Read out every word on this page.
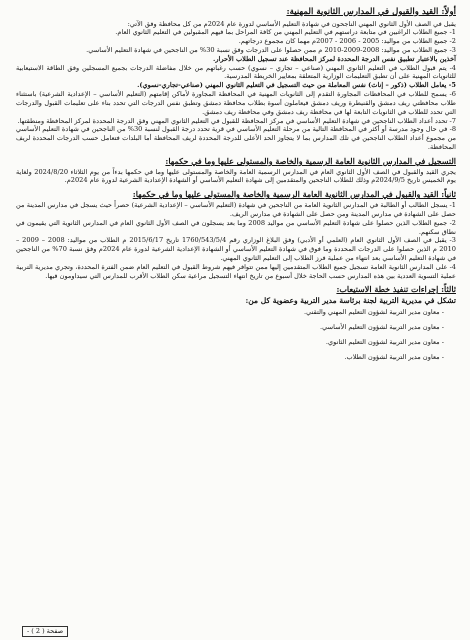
أولاً: القيد والقبول في المدارس الثانوية المهنية:

يقبل في الصف الأول الثانوي المهني الناجحون في شهادة التعليم الأساسي لدورة عام 2024م من كل محافظة وفق الآتي:

1- جميع الطلاب الراغبين في متابعة دراستهم في التعليم المهني من كافة المراحل بما فيهم المقبولين في التعليم الثانوي العام.

2- جميع الطلاب من مواليد: 2005 - 2006 - 2007م مهما كان مجموع درجاتهم.

3- جميع الطلاب من مواليد: 2008-2009-2010 م ممن حصلوا على الدرجات وفق نسبة 30% من الناجحين في شهادة التعليم الأساسي.

آخذين بالاعتبار تطبيق نفس الدرجة المحددة لمركز المحافظة عند تسجيل الطلاب الأحرار.

4- يتم قبول الطلاب في التعليم الثانوي المهني (صناعي – تجاري – نسوي) حسب رغباتهم من خلال مفاضلة الدرجات بجميع المسجلين وفق الطاقة الاستيعابية للثانويات المهنية على أن تطبق التعليمات الوزارية المتعلقة بمعايير الخريطة المدرسية.

5- يعامل الطلاب (ذكور – إناث) نفس المعاملة من حيث التسجيل في التعليم الثانوي المهني (صناعي-تجاري-نسوي).

6- يسمح للطلاب في المحافظات المجاورة التقدم إلى الثانويات المهنية في المحافظة المجاورة لأماكن إقامتهم (التعليم الأساسي – الإعدادية الشرعية) باستثناء طلاب محافظتي ريف دمشق والقنيطرة وريف دمشق فيعاملون أسوة بطلاب محافظة دمشق وتطبق نفس الدرجات التي تحدد بناء على تعليمات القبول والدرجات التي تحدد للطلاب في الثانويات التابعة لها في محافظة ريف دمشق وفي محافظة ريف دمشق.

7- تحدد أعداد الطلاب الناجحين في شهادة التعليم الأساسي في مركز المحافظة للقبول في التعليم الثانوي المهني وفق الدرجة المحددة لمركز المحافظة ومنطقتها.

8- في حال وجود مدرسة أو أكثر في المحافظة التالية من مرحلة التعليم الأساسي في قرية تحدد درجة القبول لنسبة 30% من الناجحين في شهادة التعليم الأساسي من مجموع أعداد الطلاب الناجحين في تلك المدارس بما لا يتجاوز الحد الأعلى للدرجة المحددة لريف المحافظة أما البلدات فتعامل حسب الدرجات المحددة لريف المحافظة.

التسجيل في المدارس الثانوية العامة الرسمية والخاصة والمستولى عليها وما في حكمها:

يجري القيد والقبول في الصف الأول الثانوي العام في المدارس الرسمية العامة والخاصة والمستولى عليها وما في حكمها بدءاً من يوم الثلاثاء 2024/8/20 ولغاية يوم الخميس تاريخ 2024/9/5م وذلك للطلاب الناجحين والمتقدمين إلى شهادة التعليم الأساسي أو الشهادة الإعدادية الشرعية لدورة عام 2024م.

ثانياً: القيد والقبول في المدارس الثانوية العامة الرسمية والخاصة والمستولى عليها وما في حكمها:

1- يسجل الطالب أو الطالبة في المدارس الثانوية العامة من الناجحين في شهادة (التعليم الأساسي – الإعدادية الشرعية) حصراً حيث يسجل في مدارس المدينة من حصل على الشهادة في مدارس المدينة ومن حصل على الشهادة في مدارس الريف.

2- جميع الطلاب الذين حصلوا على شهادة التعليم الأساسي من مواليد 2008 وما بعد يسجلون في الصف الأول الثانوي العام في المدارس الثانوية التي يقيمون في نطاق سكنهم.

3- يقبل في الصف الأول الثانوي العام (العلمي أو الأدبي) وفق البلاغ الوزاري رقم 1760/543/5/4 تاريخ 2015/6/17 م الطلاب من مواليد: 2008 – 2009 – 2010 م الذين حصلوا على الدرجات المحددة وما فوق في شهادة التعليم الأساسي أو الشهادة الإعدادية الشرعية لدورة عام 2024م وفق نسبة 70% من الناجحين في شهادة التعليم الأساسي بعد انتهاء من عملية فرز الطلاب إلى التعليم الثانوي المهني.

4- على المدارس الثانوية العامة تسجيل جميع الطلاب المتقدمين إليها ممن تتوافر فيهم شروط القبول في التعليم العام ضمن الفترة المحددة، وتجري مديرية التربية عملية التسوية العددية بين هذه المدارس حسب الحاجة خلال أسبوع من تاريخ انتهاء التسجيل مراعية سكن الطلاب الأقرب للمدارس التي سيداومون فيها.

ثالثاً: إجراءات تنفيذ خطة الاستيعاب:

تشكل في مديرية التربية لجنة برئاسة مدير التربية وعضوية كل من:

- معاون مدير التربية لشؤون التعليم المهني والتقني.
- معاون مدير التربية لشؤون التعليم الأساسي.
- معاون مدير التربية لشؤون التعليم الثانوي.
- معاون مدير التربية لشؤون الطلاب.
صفحة ( 2 ) -
